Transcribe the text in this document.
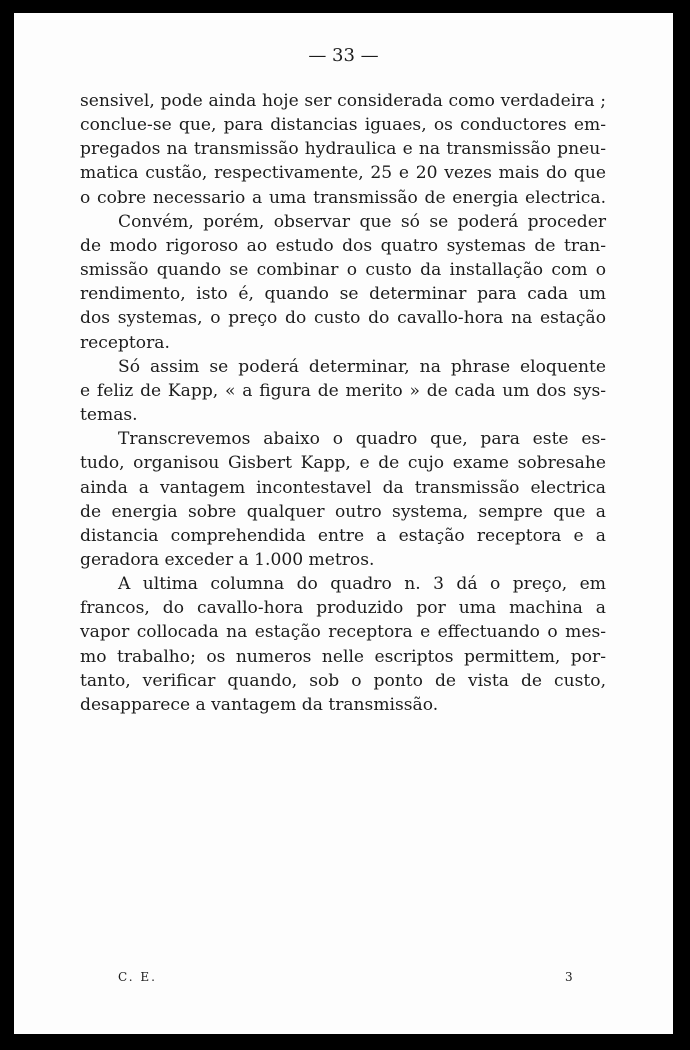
— 33 —

sensivel, pode ainda hoje ser considerada como verdadeira ;
conclue-se que, para distancias iguaes, os conductores em-
pregados na transmissão hydraulica e na transmissão pneu-
matica custão, respectivamente, 25 e 20 vezes mais do que
o cobre necessario a uma transmissão de energia electrica.

Convém, porém, observar que só se poderá proceder
de modo rigoroso ao estudo dos quatro systemas de tran-
smissão quando se combinar o custo da installação com o
rendimento, isto é, quando se determinar para cada um
dos systemas, o preço do custo do cavallo-hora na estação
receptora.

Só assim se poderá determinar, na phrase eloquente
e feliz de Kapp, « a figura de merito » de cada um dos sys-
temas.

Transcrevemos abaixo o quadro que, para este es-
tudo, organisou Gisbert Kapp, e de cujo exame sobresahe
ainda a vantagem incontestavel da transmissão electrica
de energia sobre qualquer outro systema, sempre que a
distancia comprehendida entre a estação receptora e a
geradora exceder a 1.000 metros.

A ultima columna do quadro n. 3 dá o preço, em
francos, do cavallo-hora produzido por uma machina a
vapor collocada na estação receptora e effectuando o mes-
mo trabalho; os numeros nelle escriptos permittem, por-
tanto, verificar quando, sob o ponto de vista de custo,
desapparece a vantagem da transmissão.

C. E.	3
